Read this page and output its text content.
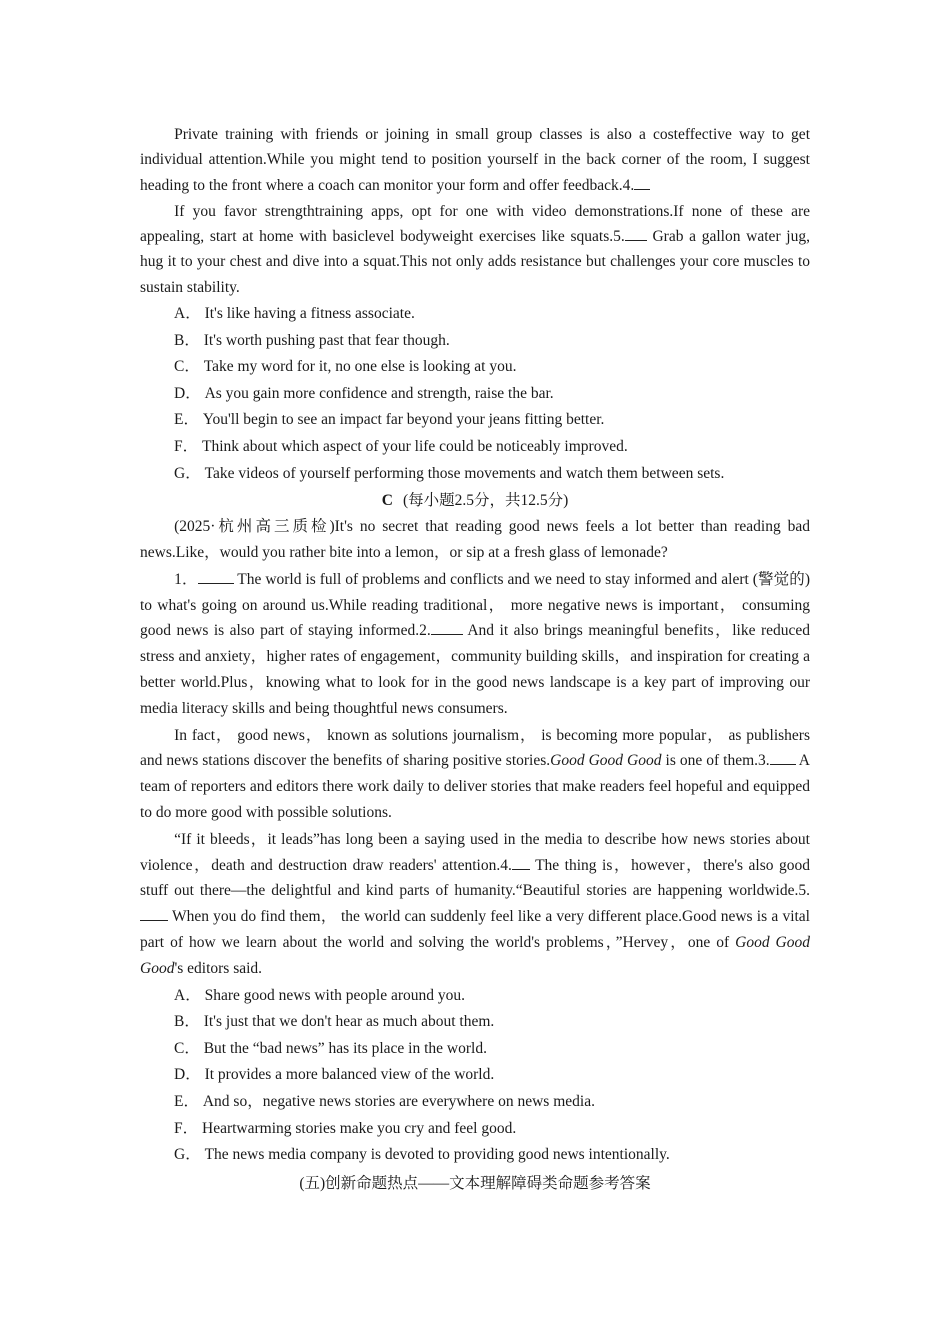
Private training with friends or joining in small group classes is also a costeffective way to get individual attention.While you might tend to position yourself in the back corner of the room, I suggest heading to the front where a coach can monitor your form and offer feedback.4.

If you favor strengthtraining apps, opt for one with video demonstrations.If none of these are appealing, start at home with basiclevel bodyweight exercises like squats.5. Grab a gallon water jug, hug it to your chest and dive into a squat.This not only adds resistance but challenges your core muscles to sustain stability.

A． It's like having a fitness associate.

B． It's worth pushing past that fear though.

C． Take my word for it, no one else is looking at you.

D． As you gain more confidence and strength, raise the bar.

E． You'll begin to see an impact far beyond your jeans fitting better.

F． Think about which aspect of your life could be noticeably improved.

G． Take videos of yourself performing those movements and watch them between sets.

C (每小题2.5分，共12.5分)

(2025·杭州高三质检)It's no secret that reading good news feels a lot better than reading bad news.Like，would you rather bite into a lemon，or sip at a fresh glass of lemonade?

1． The world is full of problems and conflicts and we need to stay informed and alert (警觉的) to what's going on around us.While reading traditional， more negative news is important， consuming good news is also part of staying informed.2. And it also brings meaningful benefits，like reduced stress and anxiety，higher rates of engagement，community building skills，and inspiration for creating a better world.Plus，knowing what to look for in the good news landscape is a key part of improving our media literacy skills and being thoughtful news consumers.

In fact， good news， known as solutions journalism， is becoming more popular， as publishers and news stations discover the benefits of sharing positive stories.Good Good Good is one of them.3. A team of reporters and editors there work daily to deliver stories that make readers feel hopeful and equipped to do more good with possible solutions.

“If it bleeds，it leads”has long been a saying used in the media to describe how news stories about violence，death and destruction draw readers' attention.4. The thing is，however，there's also good stuff out there—the delightful and kind parts of humanity.“Beautiful stories are happening worldwide.5. When you do find them， the world can suddenly feel like a very different place.Good news is a vital part of how we learn about the world and solving the world's problems，”Hervey，one of Good Good Good's editors said.

A． Share good news with people around you.

B． It's just that we don't hear as much about them.

C． But the “bad news” has its place in the world.

D． It provides a more balanced view of the world.

E． And so，negative news stories are everywhere on news media.

F． Heartwarming stories make you cry and feel good.

G． The news media company is devoted to providing good news intentionally.

(五)创新命题热点——文本理解障碍类命题参考答案
